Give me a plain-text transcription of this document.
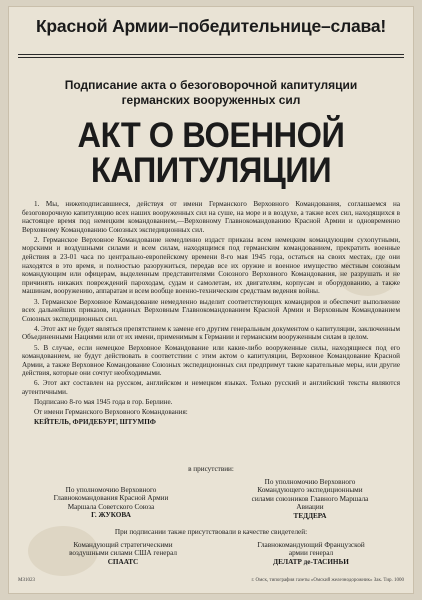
Красной Армии–победительнице–слава!
Подписание акта о безоговорочной капитуляции
германских вооруженных сил
АКТ О ВОЕННОЙ
КАПИТУЛЯЦИИ

1. Мы, нижеподписавшиеся, действуя от имени Германского Верховного Командования, соглашаемся на безоговорочную капитуляцию всех наших вооруженных сил на суше, на море и в воздухе, а также всех сил, находящихся в настоящее время под немецким командованием,—Верховному Главнокомандованию Красной Армии и одновременно Верховному Командованию Союзных экспедиционных сил.

2. Германское Верховное Командование немедленно издаст приказы всем немецким командующим сухопутными, морскими и воздушными силами и всем силам, находящимся под германским командованием, прекратить военные действия в 23-01 часа по центрально-европейскому времени 8-го мая 1945 года, остаться на своих местах, где они находятся в это время, и полностью разоружиться, передав все их оружие и военное имущество местным союзным командующим или офицерам, выделенным представителями Союзного Верховного Командования, не разрушать и не причинять никаких повреждений пароходам, судам и самолетам, их двигателям, корпусам и оборудованию, а также машинам, вооружению, аппаратам и всем вообще военно-техническим средствам ведения войны.

3. Германское Верховное Командование немедленно выделит соответствующих командиров и обеспечит выполнение всех дальнейших приказов, изданных Верховным Главнокомандованием Красной Армии и Верховным Командованием Союзных экспедиционных сил.

4. Этот акт не будет являться препятствием к замене его другим генеральным документом о капитуляции, заключенным Объединенными Нациями или от их имени, применимым к Германии и германским вооруженным силам в целом.

5. В случае, если немецкое Верховное Командование или какие-либо вооруженные силы, находящиеся под его командованием, не будут действовать в соответствии с этим актом о капитуляции, Верховное Командование Красной Армии, а также Верховное Командование Союзных экспедиционных сил предпримут такие карательные меры, или другие действия, которые они сочтут необходимыми.

6. Этот акт составлен на русском, английском и немецком языках. Только русский и английский тексты являются аутентичными.

Подписано 8-го мая 1945 года в гор. Берлине.

От имени Германского Верховного Командования:

КЕЙТЕЛЬ, ФРИДЕБУРГ, ШТУМПФ

в присутствии:
По уполномочию Верховного
Главнокомандования Красной Армии
Маршала Советского Союза
Г. ЖУКОВА
По уполномочию Верховного
Командующего экспедиционными
силами союзников Главного Маршала
Авиации
ТЕДДЕРА
При подписании также присутствовали в качестве свидетелей:
Командующий стратегическими
воздушными силами США генерал
СПААТС
Главнокомандующий Французской
армии генерал
ДЕЛАТР де-ТАСИНЬИ
МЗ1023	г. Омск, типография газеты «Омский железнодорожник» Зак. Тир. 1000
